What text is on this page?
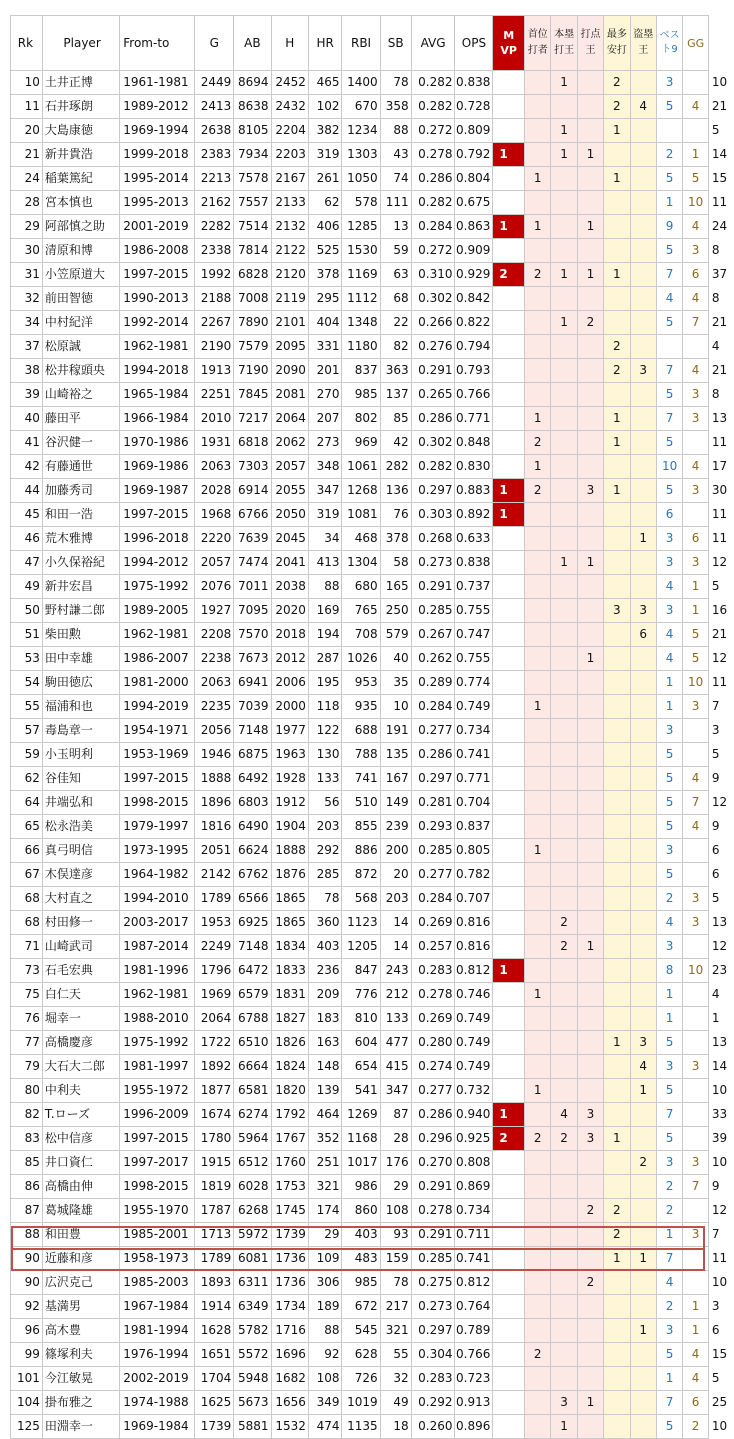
Rk	Player	From-to	G	AB	H	HR	RBI	SB	AVG	OPS	MVP	首位打者	本塁打王	打点王	最多安打	盗塁王	ベスト9	GG	
10	土井正博	1961-1981	2449	8694	2452	465	1400	78	0.282	0.838			1		2		3		10
11	石井琢朗	1989-2012	2413	8638	2432	102	670	358	0.282	0.728					2	4	5	4	21
20	大島康徳	1969-1994	2638	8105	2204	382	1234	88	0.272	0.809			1		1				5
21	新井貴浩	1999-2018	2383	7934	2203	319	1303	43	0.278	0.792	1		1	1			2	1	14
24	稲葉篤紀	1995-2014	2213	7578	2167	261	1050	74	0.286	0.804		1			1		5	5	15
28	宮本慎也	1995-2013	2162	7557	2133	62	578	111	0.282	0.675							1	10	11
29	阿部慎之助	2001-2019	2282	7514	2132	406	1285	13	0.284	0.863	1	1		1			9	4	24
30	清原和博	1986-2008	2338	7814	2122	525	1530	59	0.272	0.909							5	3	8
31	小笠原道大	1997-2015	1992	6828	2120	378	1169	63	0.310	0.929	2	2	1	1	1		7	6	37
32	前田智徳	1990-2013	2188	7008	2119	295	1112	68	0.302	0.842							4	4	8
34	中村紀洋	1992-2014	2267	7890	2101	404	1348	22	0.266	0.822			1	2			5	7	21
37	松原誠	1962-1981	2190	7579	2095	331	1180	82	0.276	0.794					2				4
38	松井稼頭央	1994-2018	1913	7190	2090	201	837	363	0.291	0.793					2	3	7	4	21
39	山崎裕之	1965-1984	2251	7845	2081	270	985	137	0.265	0.766							5	3	8
40	藤田平	1966-1984	2010	7217	2064	207	802	85	0.286	0.771		1			1		7	3	13
41	谷沢健一	1970-1986	1931	6818	2062	273	969	42	0.302	0.848		2			1		5		11
42	有藤通世	1969-1986	2063	7303	2057	348	1061	282	0.282	0.830		1					10	4	17
44	加藤秀司	1969-1987	2028	6914	2055	347	1268	136	0.297	0.883	1	2		3	1		5	3	30
45	和田一浩	1997-2015	1968	6766	2050	319	1081	76	0.303	0.892	1						6		11
46	荒木雅博	1996-2018	2220	7639	2045	34	468	378	0.268	0.633						1	3	6	11
47	小久保裕紀	1994-2012	2057	7474	2041	413	1304	58	0.273	0.838			1	1			3	3	12
49	新井宏昌	1975-1992	2076	7011	2038	88	680	165	0.291	0.737							4	1	5
50	野村謙二郎	1989-2005	1927	7095	2020	169	765	250	0.285	0.755					3	3	3	1	16
51	柴田勲	1962-1981	2208	7570	2018	194	708	579	0.267	0.747						6	4	5	21
53	田中幸雄	1986-2007	2238	7673	2012	287	1026	40	0.262	0.755				1			4	5	12
54	駒田徳広	1981-2000	2063	6941	2006	195	953	35	0.289	0.774							1	10	11
55	福浦和也	1994-2019	2235	7039	2000	118	935	10	0.284	0.749		1					1	3	7
57	毒島章一	1954-1971	2056	7148	1977	122	688	191	0.277	0.734							3		3
59	小玉明利	1953-1969	1946	6875	1963	130	788	135	0.286	0.741							5		5
62	谷佳知	1997-2015	1888	6492	1928	133	741	167	0.297	0.771							5	4	9
64	井端弘和	1998-2015	1896	6803	1912	56	510	149	0.281	0.704							5	7	12
65	松永浩美	1979-1997	1816	6490	1904	203	855	239	0.293	0.837							5	4	9
66	真弓明信	1973-1995	2051	6624	1888	292	886	200	0.285	0.805		1					3		6
67	木俣達彦	1964-1982	2142	6762	1876	285	872	20	0.277	0.782							5		6
68	大村直之	1994-2010	1789	6566	1865	78	568	203	0.284	0.707							2	3	5
68	村田修一	2003-2017	1953	6925	1865	360	1123	14	0.269	0.816			2				4	3	13
71	山崎武司	1987-2014	2249	7148	1834	403	1205	14	0.257	0.816			2	1			3		12
73	石毛宏典	1981-1996	1796	6472	1833	236	847	243	0.283	0.812	1						8	10	23
75	白仁天	1962-1981	1969	6579	1831	209	776	212	0.278	0.746		1					1		4
76	堀幸一	1988-2010	2064	6788	1827	183	810	133	0.269	0.749							1		1
77	高橋慶彦	1975-1992	1722	6510	1826	163	604	477	0.280	0.749					1	3	5		13
79	大石大二郎	1981-1997	1892	6664	1824	148	654	415	0.274	0.749						4	3	3	14
80	中利夫	1955-1972	1877	6581	1820	139	541	347	0.277	0.732		1				1	5		10
82	T.ローズ	1996-2009	1674	6274	1792	464	1269	87	0.286	0.940	1		4	3			7		33
83	松中信彦	1997-2015	1780	5964	1767	352	1168	28	0.296	0.925	2	2	2	3	1		5		39
85	井口資仁	1997-2017	1915	6512	1760	251	1017	176	0.270	0.808						2	3	3	10
86	高橋由伸	1998-2015	1819	6028	1753	321	986	29	0.291	0.869							2	7	9
87	葛城隆雄	1955-1970	1787	6268	1745	174	860	108	0.278	0.734				2	2		2		12
88	和田豊	1985-2001	1713	5972	1739	29	403	93	0.291	0.711					2		1	3	7
90	近藤和彦	1958-1973	1789	6081	1736	109	483	159	0.285	0.741					1	1	7		11
90	広沢克己	1985-2003	1893	6311	1736	306	985	78	0.275	0.812				2			4		10
92	基満男	1967-1984	1914	6349	1734	189	672	217	0.273	0.764							2	1	3
96	高木豊	1981-1994	1628	5782	1716	88	545	321	0.297	0.789						1	3	1	6
99	篠塚利夫	1976-1994	1651	5572	1696	92	628	55	0.304	0.766		2					5	4	15
101	今江敏晃	2002-2019	1704	5948	1682	108	726	32	0.283	0.723							1	4	5
104	掛布雅之	1974-1988	1625	5673	1656	349	1019	49	0.292	0.913			3	1			7	6	25
125	田淵幸一	1969-1984	1739	5881	1532	474	1135	18	0.260	0.896			1				5	2	10
